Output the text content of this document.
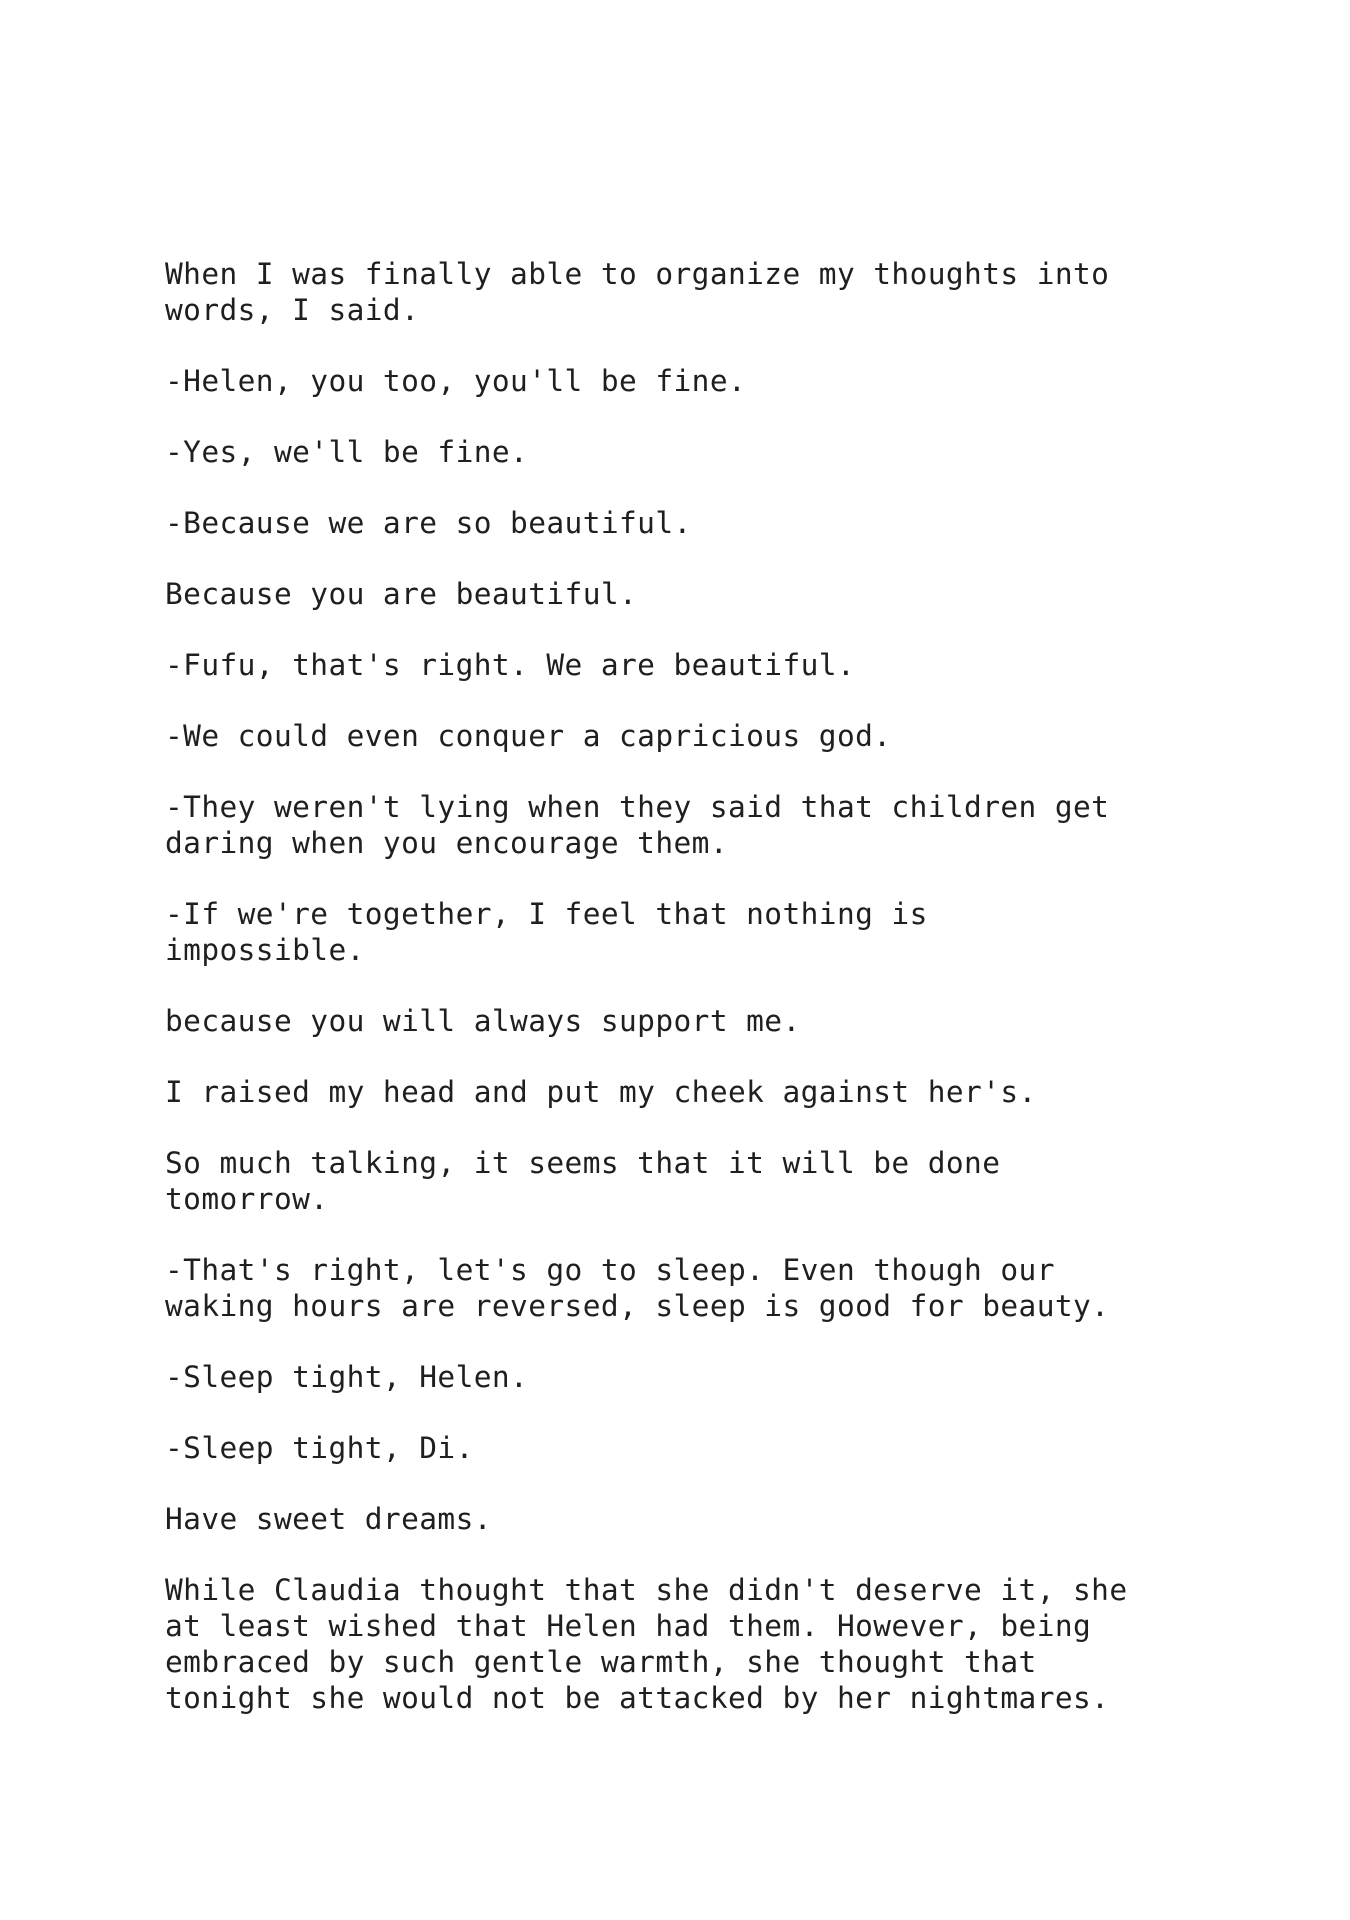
When I was finally able to organize my thoughts into
words, I said.

-Helen, you too, you'll be fine.

-Yes, we'll be fine.

-Because we are so beautiful.

Because you are beautiful.

-Fufu, that's right. We are beautiful.

-We could even conquer a capricious god.

-They weren't lying when they said that children get
daring when you encourage them.

-If we're together, I feel that nothing is
impossible.

because you will always support me.

I raised my head and put my cheek against her's.

So much talking, it seems that it will be done
tomorrow.

-That's right, let's go to sleep. Even though our
waking hours are reversed, sleep is good for beauty.

-Sleep tight, Helen.

-Sleep tight, Di.

Have sweet dreams.

While Claudia thought that she didn't deserve it, she
at least wished that Helen had them. However, being
embraced by such gentle warmth, she thought that
tonight she would not be attacked by her nightmares.
